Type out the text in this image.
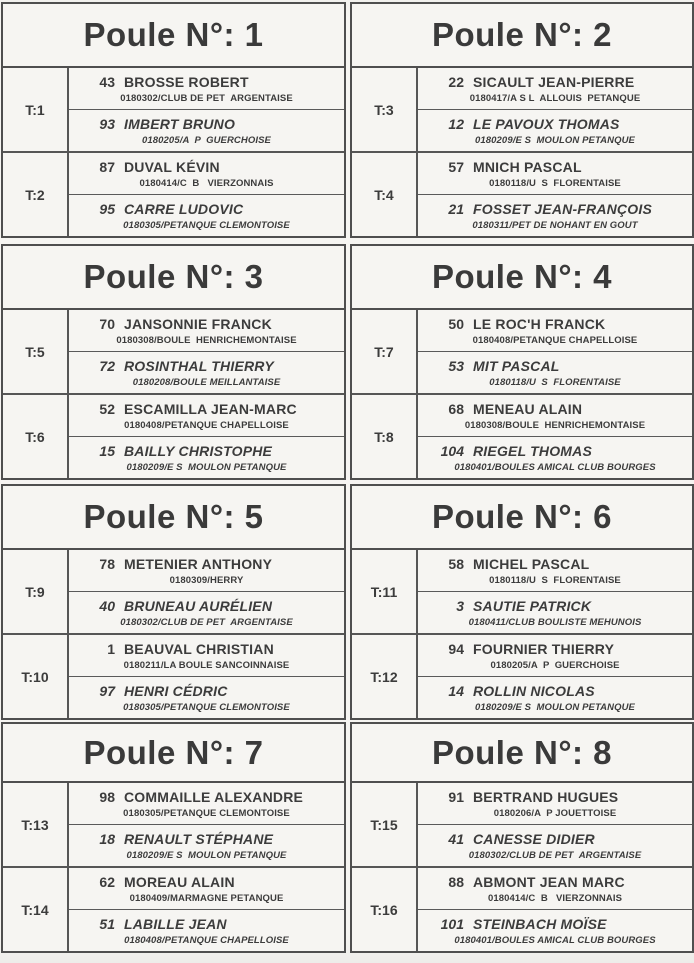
Poule N°: 1
T:1
43 BROSSE ROBERT
0180302/CLUB DE PET  ARGENTAISE
93 IMBERT BRUNO
0180205/A  P  GUERCHOISE
T:2
87 DUVAL KÉVIN
0180414/C  B   VIERZONNAIS
95 CARRE LUDOVIC
0180305/PETANQUE CLEMONTOISE
Poule N°: 2
T:3
22 SICAULT JEAN-PIERRE
0180417/A S L  ALLOUIS  PETANQUE
12 LE PAVOUX THOMAS
0180209/E S  MOULON PETANQUE
T:4
57 MNICH PASCAL
0180118/U  S  FLORENTAISE
21 FOSSET JEAN-FRANÇOIS
0180311/PET DE NOHANT EN GOUT
Poule N°: 3
T:5
70 JANSONNIE FRANCK
0180308/BOULE  HENRICHEMONTAISE
72 ROSINTHAL THIERRY
0180208/BOULE MEILLANTAISE
T:6
52 ESCAMILLA JEAN-MARC
0180408/PETANQUE CHAPELLOISE
15 BAILLY CHRISTOPHE
0180209/E S  MOULON PETANQUE
Poule N°: 4
T:7
50 LE ROC'H FRANCK
0180408/PETANQUE CHAPELLOISE
53 MIT PASCAL
0180118/U  S  FLORENTAISE
T:8
68 MENEAU ALAIN
0180308/BOULE  HENRICHEMONTAISE
104 RIEGEL THOMAS
0180401/BOULES AMICAL CLUB BOURGES
Poule N°: 5
T:9
78 METENIER ANTHONY
0180309/HERRY
40 BRUNEAU AURÉLIEN
0180302/CLUB DE PET  ARGENTAISE
T:10
1 BEAUVAL CHRISTIAN
0180211/LA BOULE SANCOINNAISE
97 HENRI CÉDRIC
0180305/PETANQUE CLEMONTOISE
Poule N°: 6
T:11
58 MICHEL PASCAL
0180118/U  S  FLORENTAISE
3 SAUTIE PATRICK
0180411/CLUB BOULISTE MEHUNOIS
T:12
94 FOURNIER THIERRY
0180205/A  P  GUERCHOISE
14 ROLLIN NICOLAS
0180209/E S  MOULON PETANQUE
Poule N°: 7
T:13
98 COMMAILLE ALEXANDRE
0180305/PETANQUE CLEMONTOISE
18 RENAULT STÉPHANE
0180209/E S  MOULON PETANQUE
T:14
62 MOREAU ALAIN
0180409/MARMAGNE PETANQUE
51 LABILLE JEAN
0180408/PETANQUE CHAPELLOISE
Poule N°: 8
T:15
91 BERTRAND HUGUES
0180206/A  P JOUETTOISE
41 CANESSE DIDIER
0180302/CLUB DE PET  ARGENTAISE
T:16
88 ABMONT JEAN MARC
0180414/C  B   VIERZONNAIS
101 STEINBACH MOÏSE
0180401/BOULES AMICAL CLUB BOURGES
